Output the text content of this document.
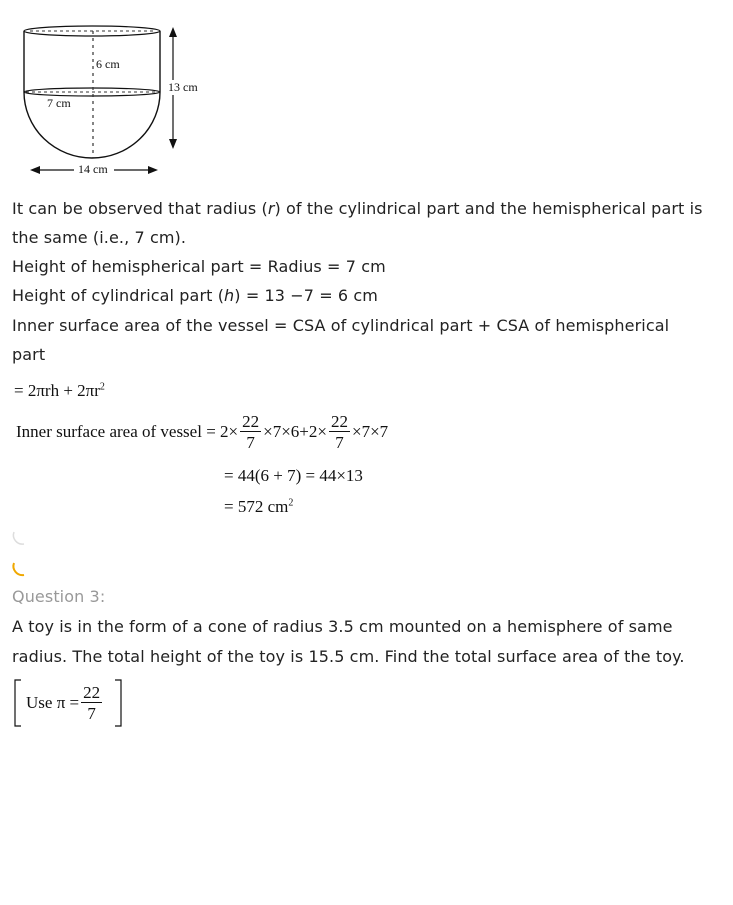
6 cm
7 cm
13 cm
14 cm
It can be observed that radius (r) of the cylindrical part and the hemispherical part is
the same (i.e., 7 cm).
Height of hemispherical part = Radius = 7 cm
Height of cylindrical part (h) = 13 −7 = 6 cm
Inner surface area of the vessel = CSA of cylindrical part + CSA of hemispherical
part
= $2\pi rh + 2\pi r^2$
Inner surface area of vessel = $2\times \frac{22}{7} \times 7\times 6+2\times \frac{22}{7} \times 7\times 7$
= 44(6 + 7) = 44×13
= 572 $cm^2$
Question 3:
A toy is in the form of a cone of radius 3.5 cm mounted on a hemisphere of same
radius. The total height of the toy is 15.5 cm. Find the total surface area of the toy.
Use $\pi = \frac{22}{7}$
